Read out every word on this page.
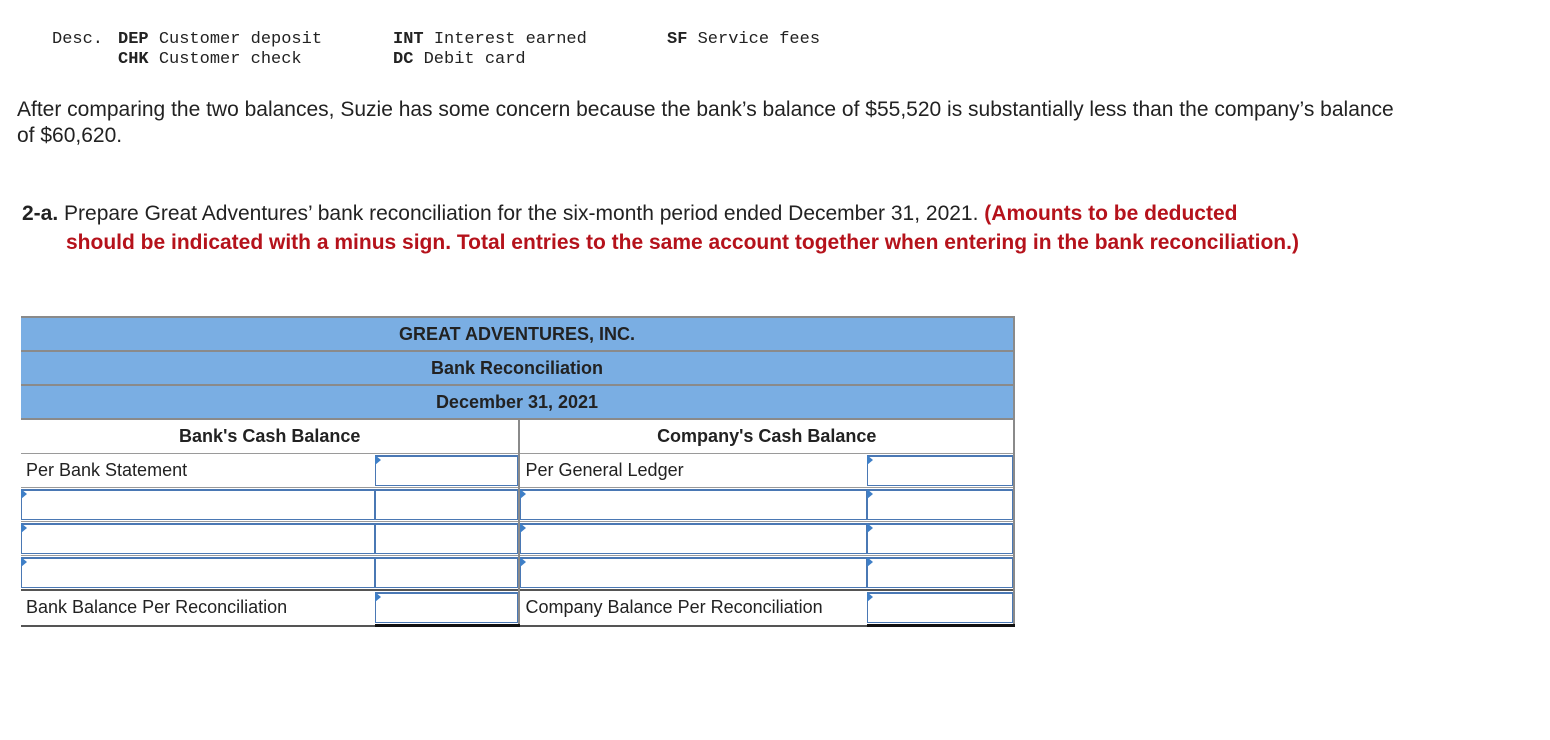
Desc. DEP Customer deposit
CHK Customer check
INT Interest earned
DC Debit card
SF Service fees
After comparing the two balances, Suzie has some concern because the bank’s balance of $55,520 is substantially less than the company’s balance of $60,620.
2-a. Prepare Great Adventures’ bank reconciliation for the six-month period ended December 31, 2021. (Amounts to be deducted
should be indicated with a minus sign. Total entries to the same account together when entering in the bank reconciliation.)
GREAT ADVENTURES, INC.			
Bank Reconciliation			
December 31, 2021			
Bank's Cash Balance		Company's Cash Balance	
Per Bank Statement		Per General Ledger	

Bank Balance Per Reconciliation		Company Balance Per Reconciliation	
